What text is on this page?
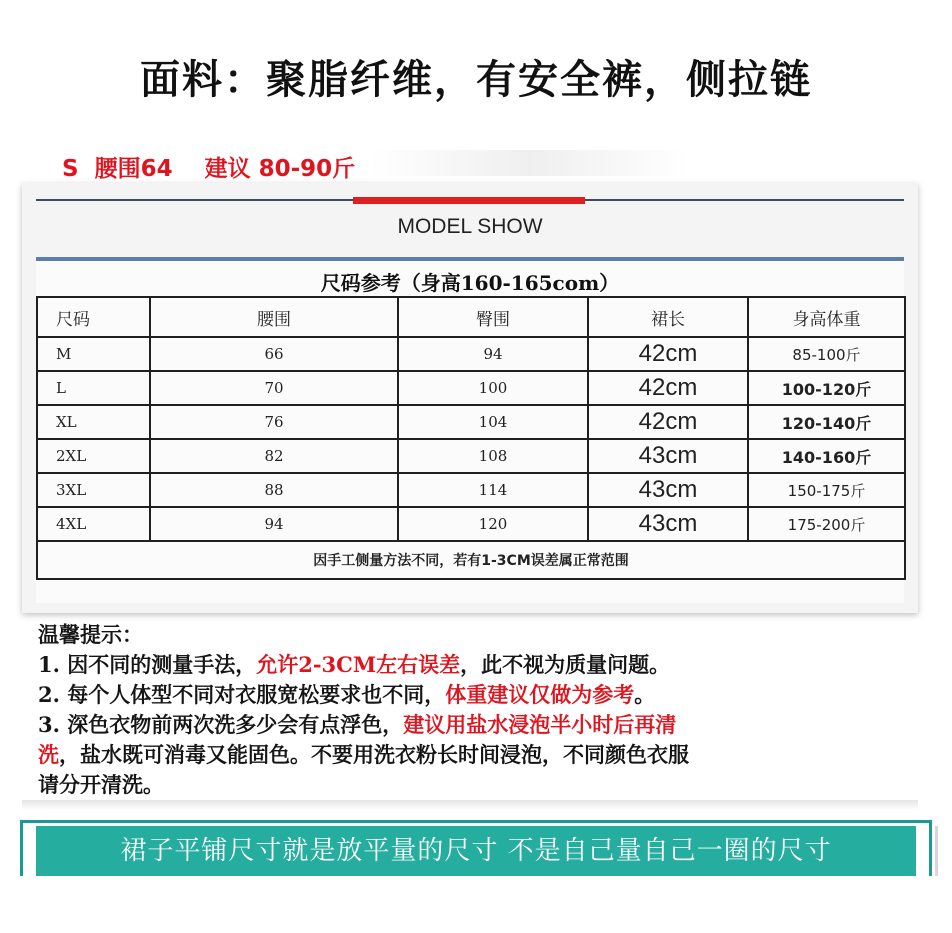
面料：聚脂纤维，有安全裤，侧拉链
S  腰围64    建议 80-90斤
MODEL SHOW
尺码参考（身高160-165com）
尺码	腰围	臀围	裙长	身高体重
M	66	94	42cm	85-100斤
L	70	100	42cm	100-120斤
XL	76	104	42cm	120-140斤
2XL	82	108	43cm	140-160斤
3XL	88	114	43cm	150-175斤
4XL	94	120	43cm	175-200斤
因手工侧量方法不同，若有1-3CM误差属正常范围				

温馨提示：

1. 因不同的测量手法，允许2-3CM左右误差，此不视为质量问题。

2. 每个人体型不同对衣服宽松要求也不同，体重建议仅做为参考。

3. 深色衣物前两次洗多少会有点浮色，建议用盐水浸泡半小时后再清

洗，盐水既可消毒又能固色。不要用洗衣粉长时间浸泡，不同颜色衣服

请分开清洗。

裙子平铺尺寸就是放平量的尺寸 不是自己量自己一圈的尺寸
